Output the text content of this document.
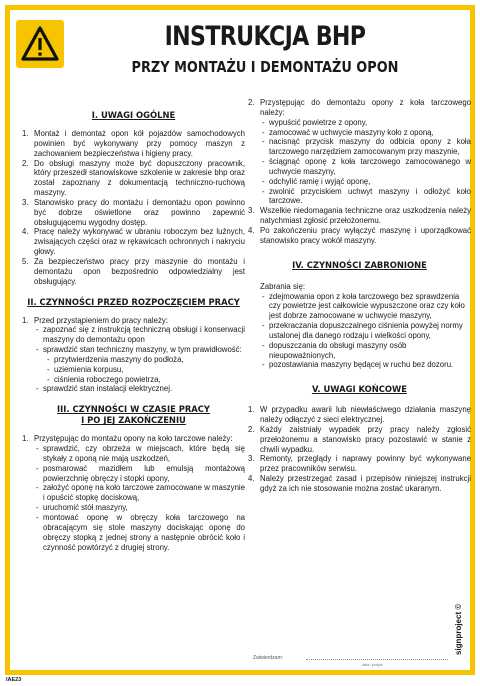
INSTRUKCJA BHP
PRZY MONTAŻU I DEMONTAŻU OPON
I. UWAGI OGÓLNE
1. Montaż i demontaż opon kół pojazdów samochodowych powinien być wykonywany przy pomocy maszyn z zachowaniem bezpieczeństwa i higieny pracy.
2. Do obsługi maszyny może być dopuszczony pracownik, który przeszedł stanowiskowe szkolenie w zakresie bhp oraz został zapoznany z dokumentacją techniczno-ruchową maszyny.
3. Stanowisko pracy do montażu i demontażu opon powinno być dobrze oświetlone oraz powinno zapewnić obsługującemu wygodny dostęp.
4. Pracę należy wykonywać w ubraniu roboczym bez luźnych, zwisających części oraz w rękawicach ochronnych i nakryciu głowy.
5. Za bezpieczeństwo pracy przy maszynie do montażu i demontażu opon bezpośrednio odpowiedzialny jest obsługujący.
II. CZYNNOŚCI PRZED ROZPOCZĘCIEM PRACY
1. Przed przystąpieniem do pracy należy:
- zapoznać się z instrukcją techniczną obsługi i konserwacji maszyny do demontażu opon
- sprawdzić stan techniczny maszyny, w tym prawidłowość:
- przytwierdzenia maszyny do podłoża,
- uziemienia korpusu,
- ciśnienia roboczego powietrza,
- sprawdzić stan instalacji elektrycznej.
III. CZYNNOŚCI W CZASIE PRACY
I PO JEJ ZAKOŃCZENIU
1. Przystępując do montażu opony na koło tarczowe należy:
- sprawdzić, czy obrzeża w miejscach, które będą się stykały z oponą nie mają uszkodzeń,
- posmarować mazidłem lub emulsją montażową powierzchnię obręczy i stopki opony,
- założyć oponę na koło tarczowe zamocowane w maszynie i opuścić stopkę dociskową,
- uruchomić stół maszyny,
- montować oponę w obręczy koła tarczowego na obracającym się stole maszyny dociskając oponę do obręczy stopką z jednej strony a następnie obrócić koło i czynność powtórzyć z drugiej strony.
2. Przystępując do demontażu opony z koła tarczowego należy:
- wypuścić powietrze z opony,
- zamocować w uchwycie maszyny koło z oponą,
- nacisnąć przycisk maszyny do odbicia opony z koła tarczowego narzędziem zamocowanym przy maszynie,
- ściągnąć oponę z koła tarczowego zamocowanego w uchwycie maszyny,
- odchylić ramię i wyjąć oponę,
- zwolnić przyciskiem uchwyt maszyny i odłożyć koło tarczowe.
3. Wszelkie niedomagania techniczne oraz uszkodzenia należy natychmiast zgłosić przełożonemu.
4. Po zakończeniu pracy wyłączyć maszynę i uporządkować stanowisko pracy wokół maszyny.
IV. CZYNNOŚCI ZABRONIONE
Zabrania się:
- zdejmowania opon z koła tarczowego bez sprawdzenia czy powietrze jest całkowicie wypuszczone oraz czy koło jest dobrze zamocowane w uchwycie maszyny,
- przekraczania dopuszczalnego ciśnienia powyżej normy ustalonej dla danego rodzaju i wielkości opony,
- dopuszczania do obsługi maszyny osób nieupoważnionych,
- pozostawiania maszyny będącej w ruchu bez dozoru.
V. UWAGI KOŃCOWE
1. W przypadku awarii lub niewłaściwego działania maszynę należy odłączyć z sieci elektrycznej.
2. Każdy zaistniały wypadek przy pracy należy zgłosić przełożonemu a stanowisko pracy pozostawić w stanie z chwili wypadku.
3. Remonty, przeglądy i naprawy powinny być wykonywane przez pracowników serwisu.
4. Należy przestrzegać zasad i przepisów niniejszej instrukcji gdyż za ich nie stosowanie można zostać ukaranym.
Zatwierdzam:
data i podpis
IAE23
signproject ©
